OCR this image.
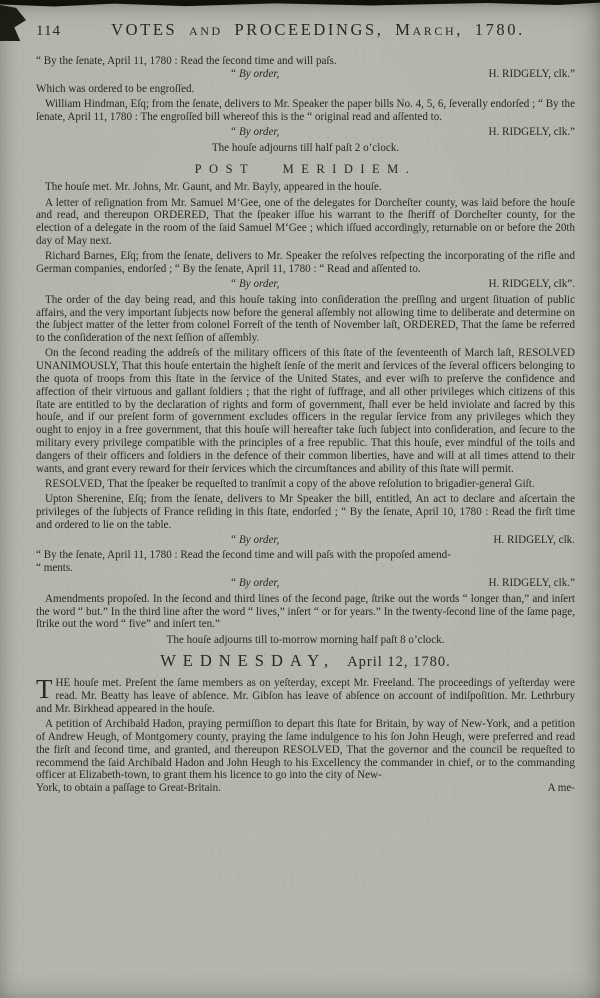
114	VOTES and PROCEEDINGS, March, 1780.

“ By the ſenate, April 11, 1780 : Read the ſecond time and will paſs.

“ By order,	H. RIDGELY, clk.”

Which was ordered to be engroſſed.

William Hindman, Eſq; from the ſenate, delivers to Mr. Speaker the paper bills No. 4, 5, 6, ſeverally endorſed ; “ By the ſenate, April 11, 1780 : The engroſſed bill whereof this is the “ original read and aſſented to.

“ By order,	H. RIDGELY, clk.”

The houſe adjourns till half paſt 2 o’clock.

POST MERIDIEM.

The houſe met. Mr. Johns, Mr. Gaunt, and Mr. Bayly, appeared in the houſe.

A letter of reſignation from Mr. Samuel M‘Gee, one of the delegates for Dorcheſter county, was laid before the houſe and read, and thereupon ORDERED, That the ſpeaker iſſue his warrant to the ſheriff of Dorcheſter county, for the election of a delegate in the room of the ſaid Samuel M‘Gee ; which iſſued accordingly, returnable on or before the 20th day of May next.

Richard Barnes, Eſq; from the ſenate, delivers to Mr. Speaker the reſolves reſpecting the incorporating of the rifle and German companies, endorſed ; “ By the ſenate, April 11, 1780 : “ Read and aſſented to.

“ By order,	H. RIDGELY, clk”.

The order of the day being read, and this houſe taking into conſideration the preſſing and urgent ſituation of public affairs, and the very important ſubjects now before the general aſſembly not allowing time to deliberate and determine on the ſubject matter of the letter from colonel Forreſt of the tenth of November laſt, ORDERED, That the ſame be referred to the conſideration of the next ſeſſion of aſſembly.

On the ſecond reading the addreſs of the military officers of this ſtate of the ſeventeenth of March laſt, RESOLVED UNANIMOUSLY, That this houſe entertain the higheſt ſenſe of the merit and ſervices of the ſeveral officers belonging to the quota of troops from this ſtate in the ſervice of the United States, and ever wiſh to preſerve the confidence and affection of their virtuous and gallant ſoldiers ; that the right of ſuffrage, and all other privileges which citizens of this ſtate are entitled to by the declaration of rights and form of government, ſhall ever be held inviolate and ſacred by this houſe, and if our preſent form of government excludes officers in the regular ſervice from any privileges which they ought to enjoy in a free government, that this houſe will hereafter take ſuch ſubject into conſideration, and ſecure to the military every privilege compatible with the principles of a free republic. That this houſe, ever mindful of the toils and dangers of their officers and ſoldiers in the defence of their common liberties, have and will at all times attend to their wants, and grant every reward for their ſervices which the circumſtances and ability of this ſtate will permit.

RESOLVED, That the ſpeaker be requeſted to tranſmit a copy of the above reſolution to brigadier-general Giſt.

Upton Sherenine, Eſq; from the ſenate, delivers to Mr Speaker the bill, entitled, An act to declare and aſcertain the privileges of the ſubjects of France reſiding in this ſtate, endorſed ; “ By the ſenate, April 10, 1780 : Read the firſt time and ordered to lie on the table.

“ By order,	H. RIDGELY, clk.

“ By the ſenate, April 11, 1780 : Read the ſecond time and will paſs with the propoſed amend-

“ ments.

“ By order,	H. RIDGELY, clk.”

Amendments propoſed. In the ſecond and third lines of the ſecond page, ſtrike out the words “ longer than,” and inſert the word “ but.” In the third line after the word “ lives,” inſert “ or for years.” In the twenty-ſecond line of the ſame page, ſtrike out the word “ five” and inſert ten.”

The houſe adjourns till to-morrow morning half paſt 8 o’clock.

WEDNESDAY, April 12, 1780.

THE houſe met. Preſent the ſame members as on yeſterday, except Mr. Freeland. The proceedings of yeſterday were read. Mr. Beatty has leave of abſence. Mr. Gibſon has leave of abſence on account of indiſpoſition. Mr. Lethrbury and Mr. Birkhead appeared in the houſe.

A petition of Archibald Hadon, praying permiſſion to depart this ſtate for Britain, by way of New-York, and a petition of Andrew Heugh, of Montgomery county, praying the ſame indulgence to his ſon John Heugh, were preferred and read the firſt and ſecond time, and granted, and thereupon RESOLVED, That the governor and the council be requeſted to recommend the ſaid Archibald Hadon and John Heugh to his Excellency the commander in chief, or to the commanding officer at Elizabeth-town, to grant them his licence to go into the city of New-

York, to obtain a paſſage to Great-Britain.	A me-
